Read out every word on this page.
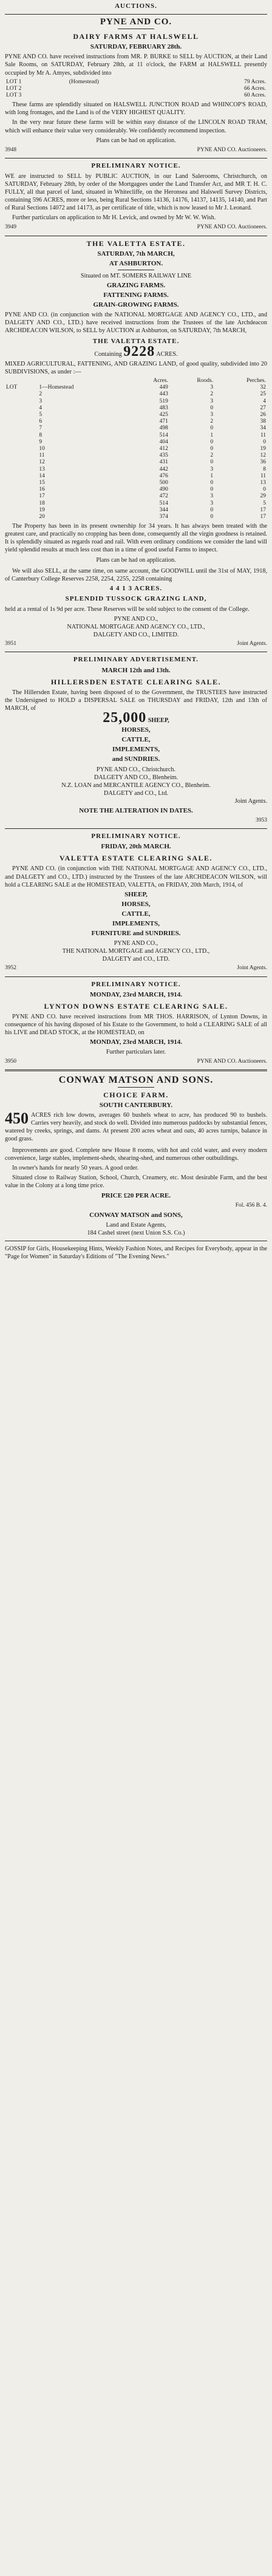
AUCTIONS.
PYNE AND CO.
DAIRY FARMS AT HALSWELL
SATURDAY, FEBRUARY 28th.

PYNE AND CO. have received instructions from MR. P. BURKE to SELL by AUCTION, at their Land Sale Rooms, on SATURDAY, February 28th, at 11 o'clock, the FARM at HALSWELL presently occupied by Mr A. Amyes, subdivided into

LOT 1	(Homestead)	79 Acres.
LOT 2		66 Acres.
LOT 3		60 Acres.

These farms are splendidly situated on HALSWELL JUNCTION ROAD and WHINCOP'S ROAD, with long frontages, and the Land is of the VERY HIGHEST QUALITY.

In the very near future these farms will be within easy distance of the LINCOLN ROAD TRAM, which will enhance their value very considerably. We confidently recommend inspection.

Plans can be had on application.

3948	PYNE AND CO. Auctioneers.
PRELIMINARY NOTICE.

WE are instructed to SELL by PUBLIC AUCTION, in our Land Salerooms, Christchurch, on SATURDAY, February 28th, by order of the Mortgagees under the Land Transfer Act, and MR T. H. C. FULLY, all that parcel of land, situated in Whitecliffe, on the Heronsea and Halswell Survey Districts, containing 596 ACRES, more or less, being Rural Sections 14136, 14176, 14137, 14135, 14140, and Part of Rural Sections 14072 and 14173, as per certificate of title, which is now leased to Mr J. Leonard.

Further particulars on application to Mr H. Levick, and owned by Mr W. W. Wish.

3949	PYNE AND CO. Auctioneers.
THE VALETTA ESTATE.
SATURDAY, 7th MARCH,
AT ASHBURTON.

Situated on MT. SOMERS RAILWAY LINE

GRAZING FARMS.
FATTENING FARMS.
GRAIN-GROWING FARMS.

PYNE AND CO. (in conjunction with the NATIONAL MORTGAGE AND AGENCY CO., LTD., and DALGETY AND CO., LTD.) have received instructions from the Trustees of the late Archdeacon ARCHDEACON WILSON, to SELL by AUCTION at Ashburton, on SATURDAY, 7th MARCH,

THE VALETTA ESTATE.

Containing 9228 ACRES.

MIXED AGRICULTURAL, FATTENING, AND GRAZING LAND, of good quality, subdivided into 20 SUBDIVISIONS, as under :—

		Acres.	Roods.	Perches.
LOT	1—Homestead	449	3	32
	2	443	2	25
	3	519	3	4
	4	483	0	27
	5	425	3	26
	6	471	2	38
	7	498	0	34
	8	514	1	11
	9	404	0	0
	10	412	0	19
	11	435	2	12
	12	431	0	36
	13	442	3	8
	14	476	1	11
	15	500	0	13
	16	490	0	0
	17	472	3	29
	18	514	3	5
	19	344	0	17
	20	374	0	17

The Property has been in its present ownership for 34 years. It has always been treated with the greatest care, and practically no cropping has been done, consequently all the virgin goodness is retained. It is splendidly situated as regards road and rail. With even ordinary conditions we consider the land will yield splendid results at much less cost than in a time of good useful Farms to inspect.

Plans can be had on application.

We will also SELL, at the same time, on same account, the GOODWILL until the 31st of MAY, 1918, of Canterbury College Reserves 2258, 2254, 2255, 2258 containing

4 4 1 3 ACRES.
SPLENDID TUSSOCK GRAZING LAND,

held at a rental of 1s 9d per acre. These Reserves will be sold subject to the consent of the College.

PYNE AND CO.,
NATIONAL MORTGAGE AND AGENCY CO., LTD.,
DALGETY AND CO., LIMITED.
3951	Joint Agents.
PRELIMINARY ADVERTISEMENT.
MARCH 12th and 13th.
HILLERSDEN ESTATE CLEARING SALE.

The Hillersden Estate, having been disposed of to the Government, the TRUSTEES have instructed the Undersigned to HOLD a DISPERSAL SALE on THURSDAY and FRIDAY, 12th and 13th of MARCH, of

25,000 SHEEP,

HORSES,
CATTLE,
IMPLEMENTS,
and SUNDRIES.
PYNE AND CO., Christchurch.
DALGETY AND CO., Blenheim.
N.Z. LOAN and MERCANTILE AGENCY CO., Blenheim.
DALGETY and CO., Ltd.
Joint Agents.
NOTE THE ALTERATION IN DATES.
3953
PRELIMINARY NOTICE.
FRIDAY, 20th MARCH.
VALETTA ESTATE CLEARING SALE.

PYNE AND CO. (in conjunction with THE NATIONAL MORTGAGE AND AGENCY CO., LTD., and DALGETY and CO., LTD.) instructed by the Trustees of the late ARCHDEACON WILSON, will hold a CLEARING SALE at the HOMESTEAD, VALETTA, on FRIDAY, 20th March, 1914, of

SHEEP,
HORSES,
CATTLE,
IMPLEMENTS,
FURNITURE and SUNDRIES.
PYNE AND CO.,
THE NATIONAL MORTGAGE and AGENCY CO., LTD.,
DALGETY and CO., LTD.
3952	Joint Agents.
PRELIMINARY NOTICE.
MONDAY, 23rd MARCH, 1914.
LYNTON DOWNS ESTATE CLEARING SALE.

PYNE AND CO. have received instructions from MR THOS. HARRISON, of Lynton Downs, in consequence of his having disposed of his Estate to the Government, to hold a CLEARING SALE of all his LIVE and DEAD STOCK, at the HOMESTEAD, on

MONDAY, 23rd MARCH, 1914.

Further particulars later.

3950	PYNE AND CO. Auctioneers.
CONWAY MATSON AND SONS.
CHOICE FARM.
SOUTH CANTERBURY.

450 ACRES rich low downs, averages 60 bushels wheat to acre, has produced 90 to bushels. Carries very heavily, and stock do well. Divided into numerous paddocks by substantial fences, watered by creeks, springs, and dams. At present 200 acres wheat and oats, 40 acres turnips, balance in good grass.

Improvements are good. Complete new House 8 rooms, with hot and cold water, and every modern convenience, large stables, implement-sheds, shearing-shed, and numerous other outbuildings.

In owner's hands for nearly 50 years. A good order.

Situated close to Railway Station, School, Church, Creamery, etc. Most desirable Farm, and the best value in the Colony at a long time price.

PRICE £20 PER ACRE.
Fol. 456 B. 4.
CONWAY MATSON and SONS,
Land and Estate Agents,
184 Cashel street (next Union S.S. Co.)

GOSSIP for Girls, Housekeeping Hints, Weekly Fashion Notes, and Recipes for Everybody, appear in the "Page for Women" in Saturday's Editions of "The Evening News."
